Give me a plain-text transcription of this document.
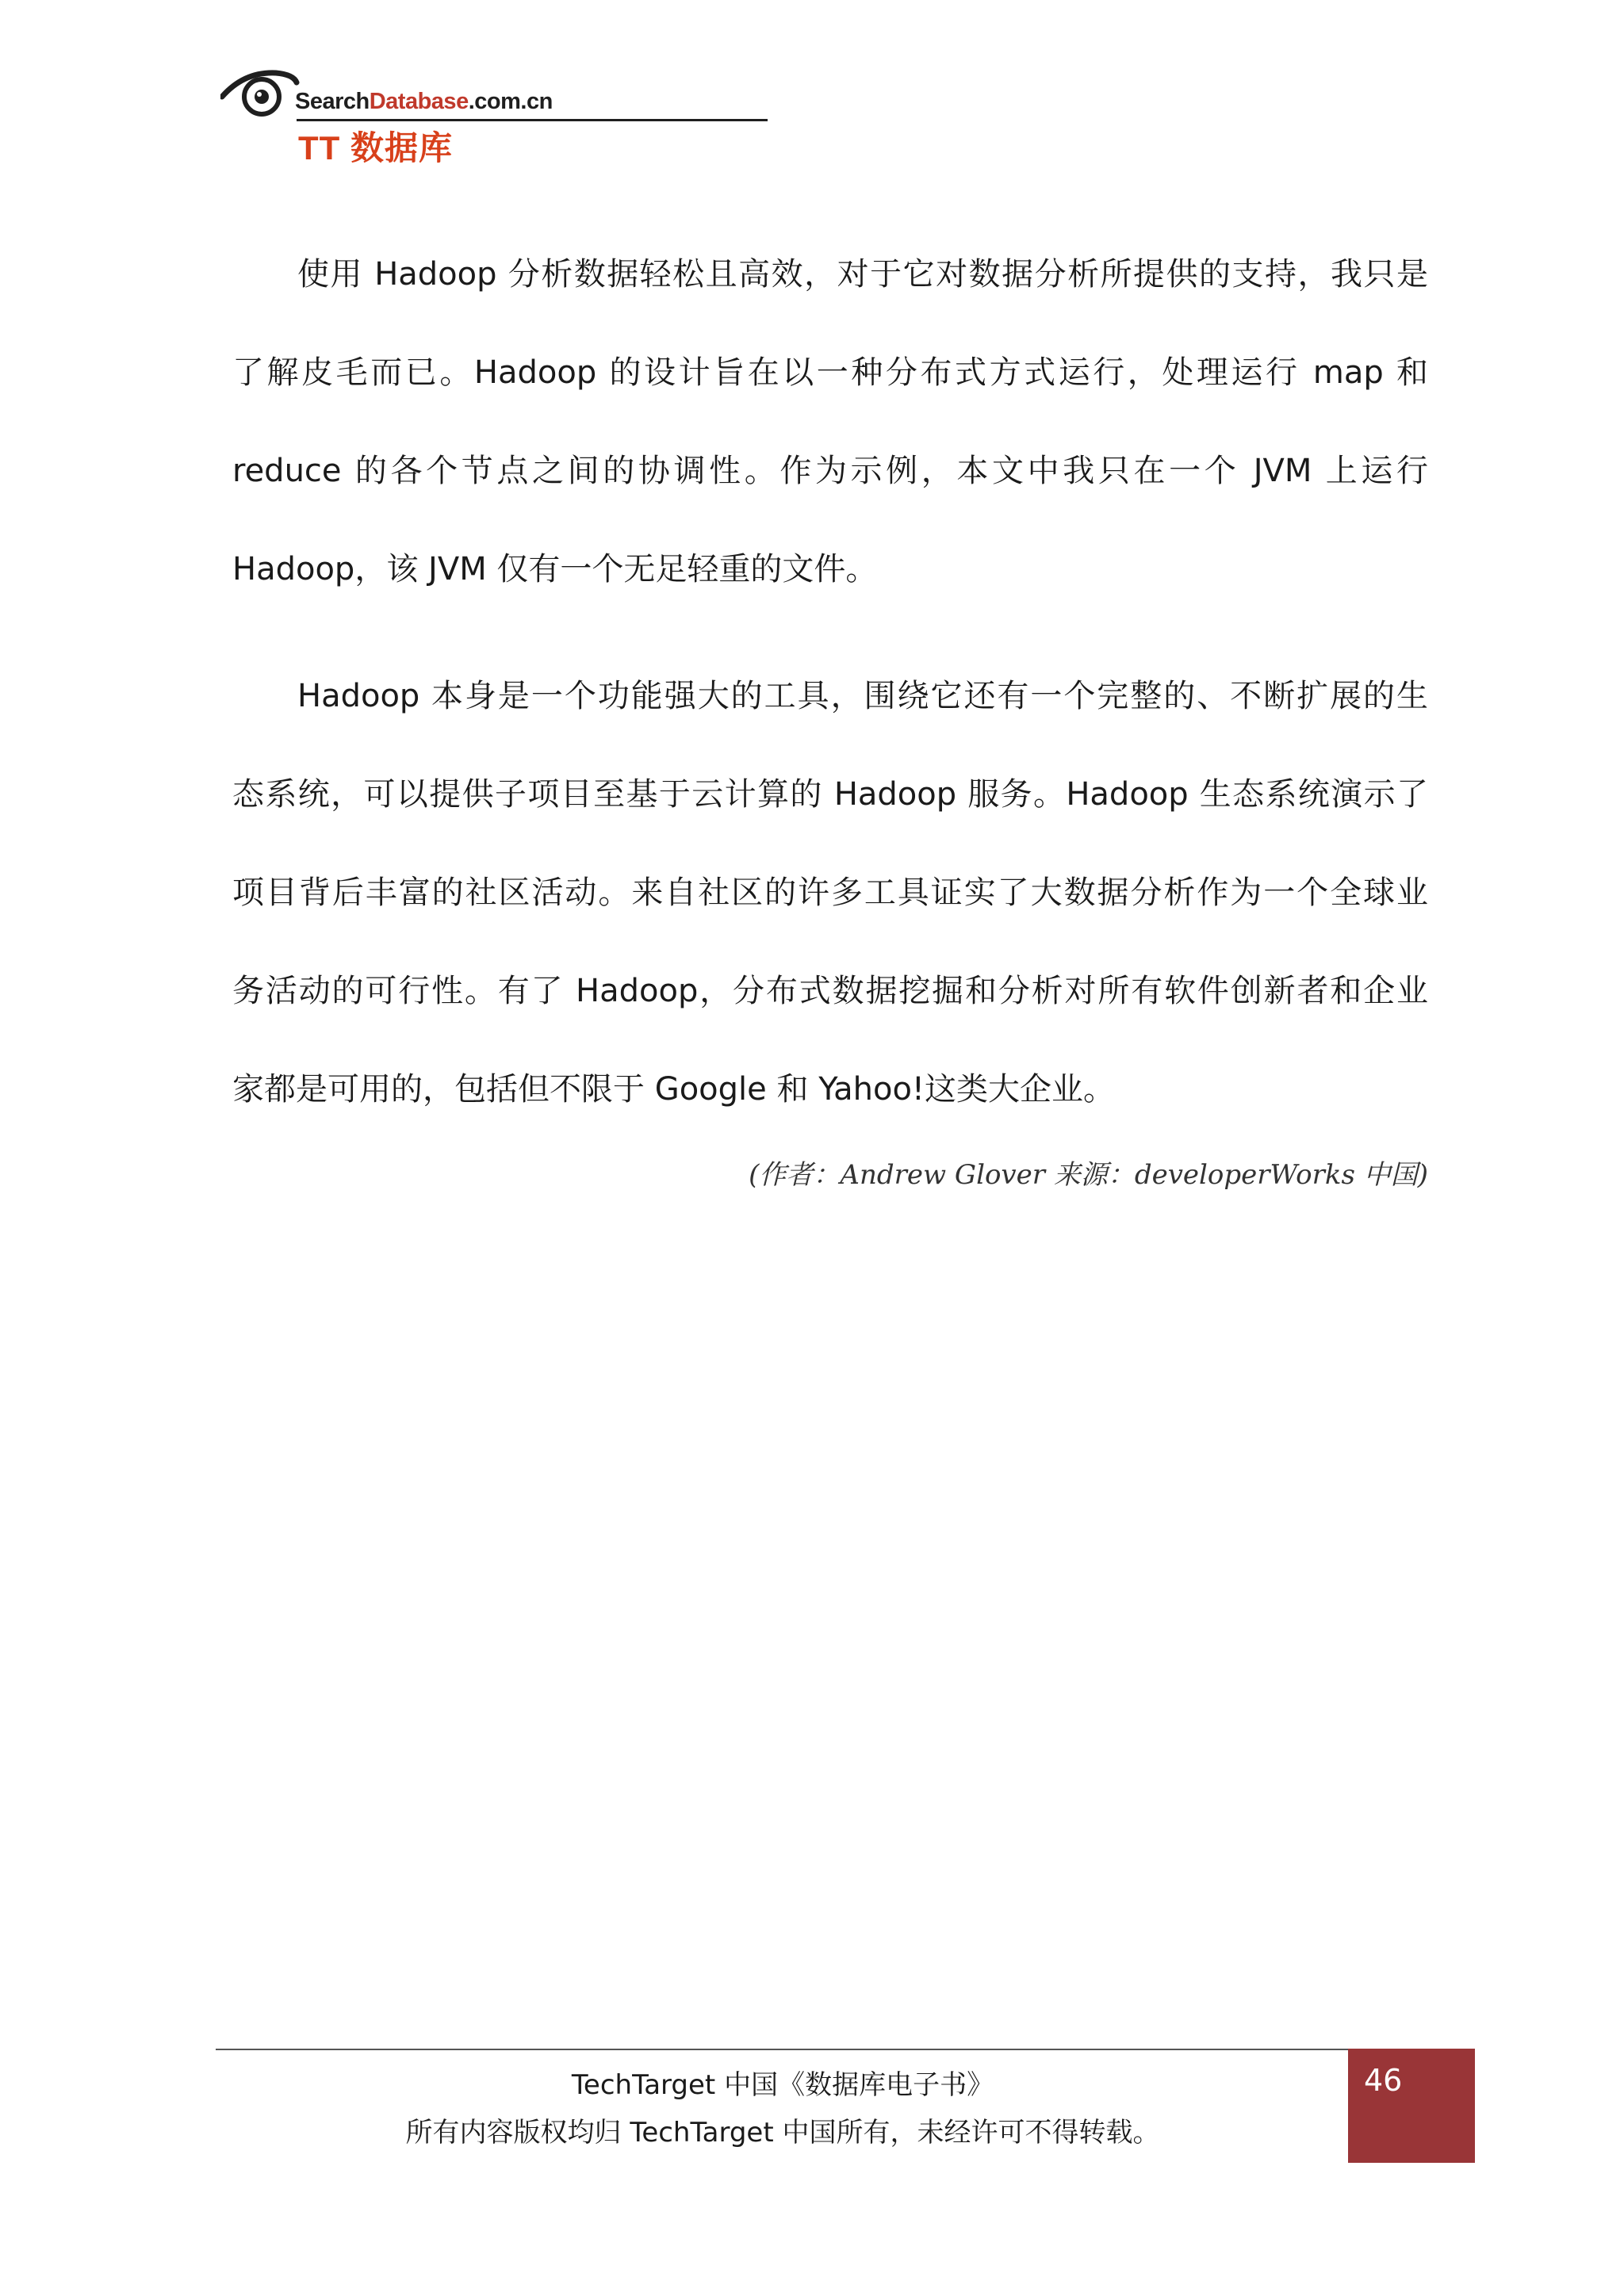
SearchDatabase.com.cn
TT 数据库

使用 Hadoop 分析数据轻松且高效，对于它对数据分析所提供的支持，我只是
了解皮毛而已。Hadoop 的设计旨在以一种分布式方式运行，处理运行 map 和
reduce 的各个节点之间的协调性。作为示例，本文中我只在一个 JVM 上运行
Hadoop，该 JVM 仅有一个无足轻重的文件。

Hadoop 本身是一个功能强大的工具，围绕它还有一个完整的、不断扩展的生
态系统，可以提供子项目至基于云计算的 Hadoop 服务。Hadoop 生态系统演示了
项目背后丰富的社区活动。来自社区的许多工具证实了大数据分析作为一个全球业
务活动的可行性。有了 Hadoop，分布式数据挖掘和分析对所有软件创新者和企业
家都是可用的，包括但不限于 Google 和 Yahoo!这类大企业。

(作者：Andrew Glover 来源：developerWorks 中国)
TechTarget 中国《数据库电子书》
所有内容版权均归 TechTarget 中国所有，未经许可不得转载。
46
